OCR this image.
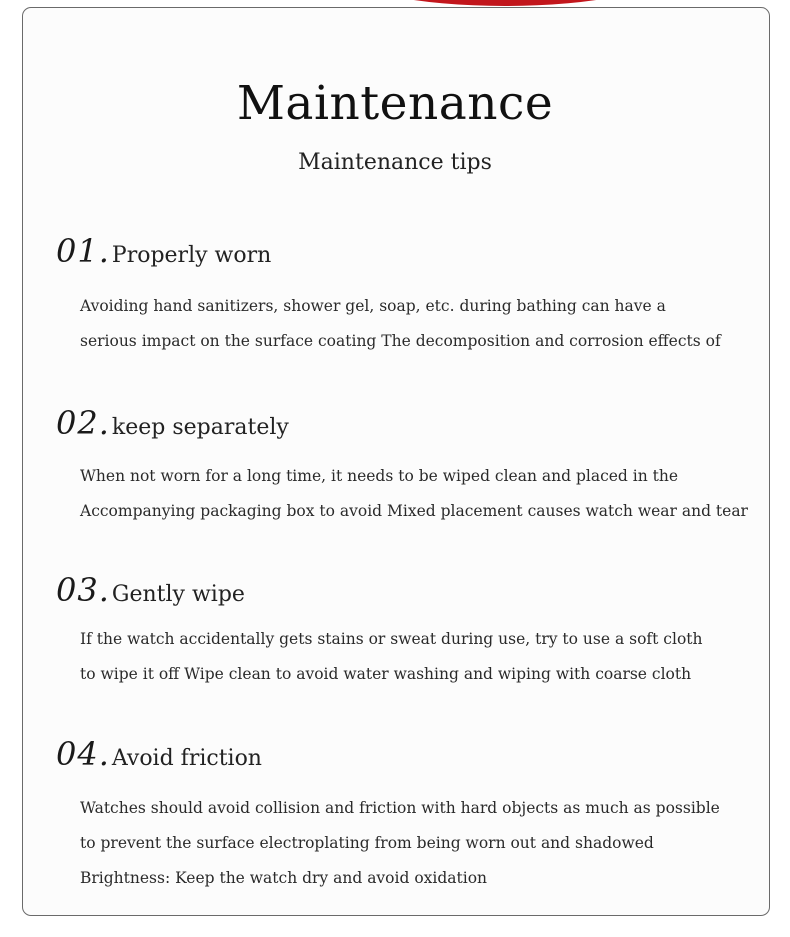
Maintenance
Maintenance tips
01. Properly worn
Avoiding hand sanitizers, shower gel, soap, etc. during bathing can have a
serious impact on the surface coating The decomposition and corrosion effects of
02. keep separately
When not worn for a long time, it needs to be wiped clean and placed in the
Accompanying packaging box to avoid Mixed placement causes watch wear and tear
03. Gently wipe
If the watch accidentally gets stains or sweat during use, try to use a soft cloth
to wipe it off Wipe clean to avoid water washing and wiping with coarse cloth
04. Avoid friction
Watches should avoid collision and friction with hard objects as much as possible
to prevent the surface electroplating from being worn out and shadowed
Brightness: Keep the watch dry and avoid oxidation
